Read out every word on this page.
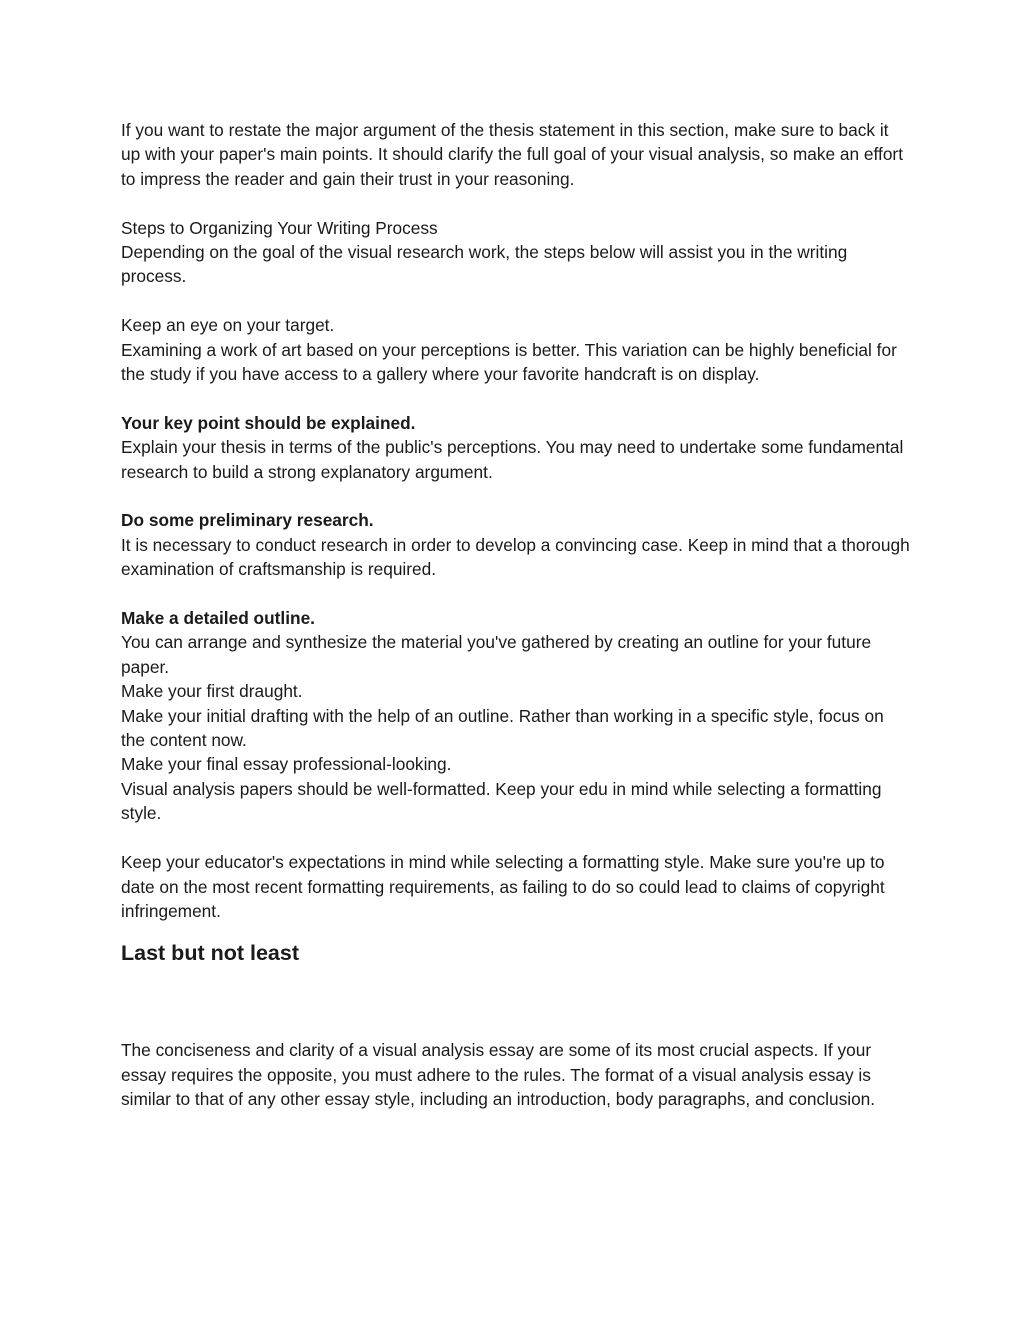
If you want to restate the major argument of the thesis statement in this section, make sure to back it up with your paper's main points. It should clarify the full goal of your visual analysis, so make an effort to impress the reader and gain their trust in your reasoning.

Steps to Organizing Your Writing Process

Depending on the goal of the visual research work, the steps below will assist you in the writing process.

Keep an eye on your target.

Examining a work of art based on your perceptions is better. This variation can be highly beneficial for the study if you have access to a gallery where your favorite handcraft is on display.

Your key point should be explained.

Explain your thesis in terms of the public's perceptions. You may need to undertake some fundamental research to build a strong explanatory argument.

Do some preliminary research.

It is necessary to conduct research in order to develop a convincing case. Keep in mind that a thorough examination of craftsmanship is required.

Make a detailed outline.

You can arrange and synthesize the material you've gathered by creating an outline for your future paper.

Make your first draught.

Make your initial drafting with the help of an outline. Rather than working in a specific style, focus on the content now.

Make your final essay professional-looking.

Visual analysis papers should be well-formatted. Keep your edu in mind while selecting a formatting style.

Keep your educator's expectations in mind while selecting a formatting style. Make sure you're up to date on the most recent formatting requirements, as failing to do so could lead to claims of copyright infringement.

Last but not least

The conciseness and clarity of a visual analysis essay are some of its most crucial aspects. If your essay requires the opposite, you must adhere to the rules. The format of a visual analysis essay is similar to that of any other essay style, including an introduction, body paragraphs, and conclusion.
